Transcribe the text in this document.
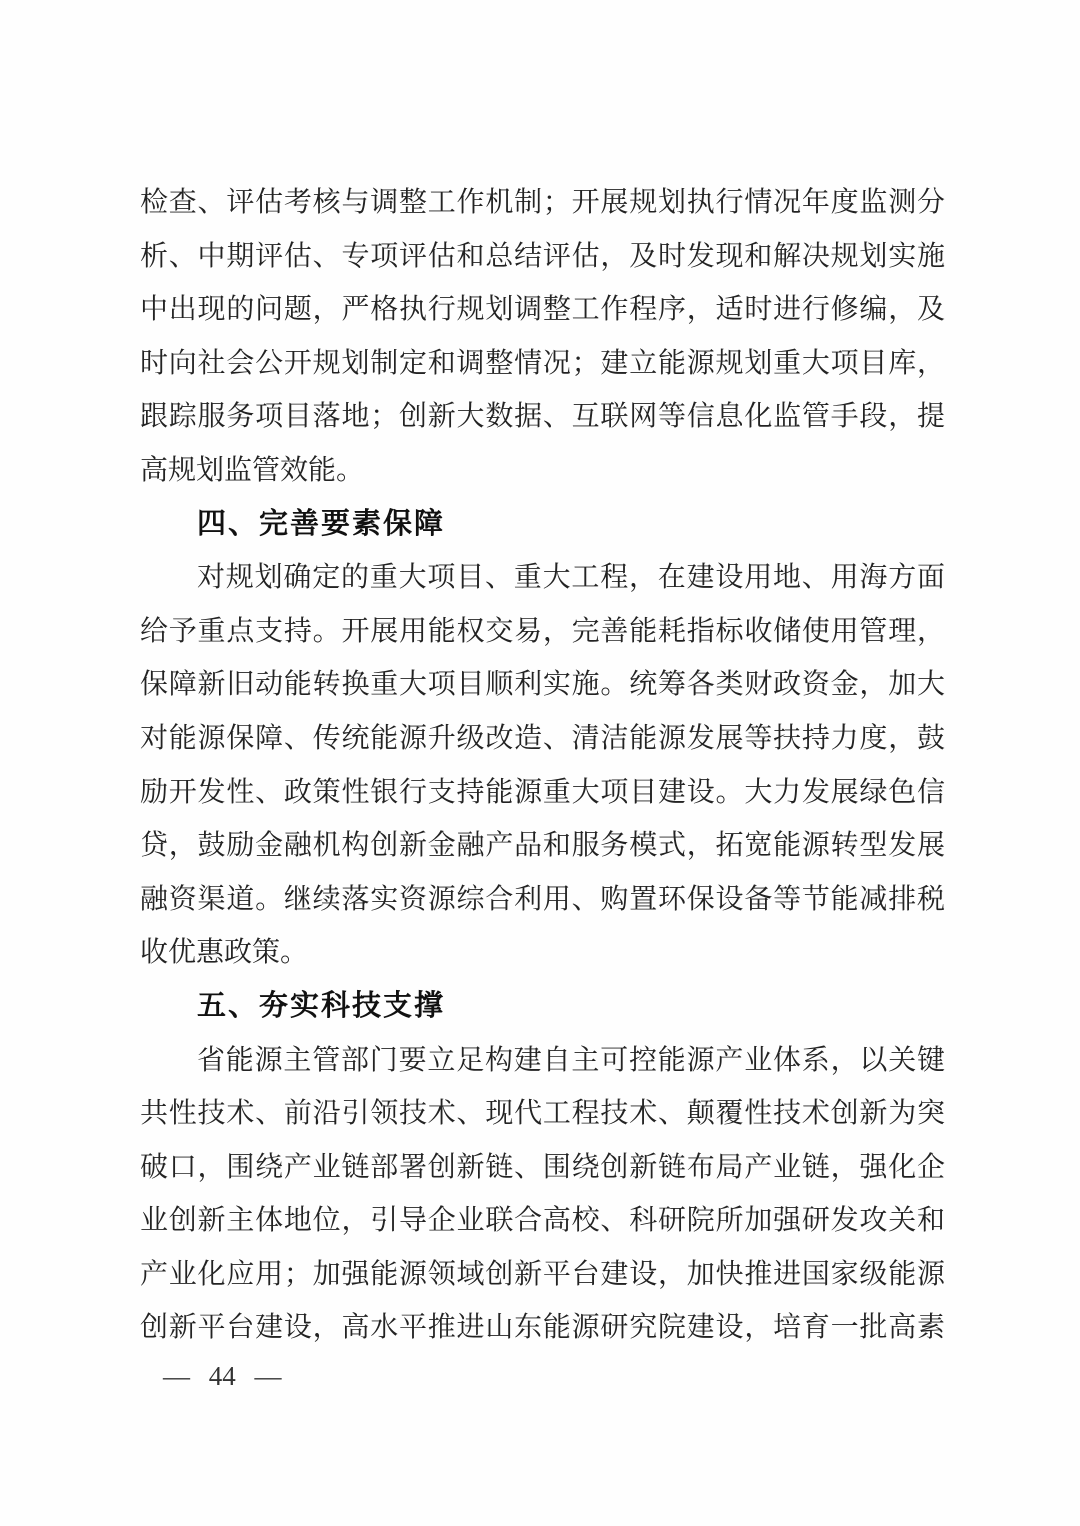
检查、评估考核与调整工作机制；开展规划执行情况年度监测分
析、中期评估、专项评估和总结评估，及时发现和解决规划实施
中出现的问题，严格执行规划调整工作程序，适时进行修编，及
时向社会公开规划制定和调整情况；建立能源规划重大项目库，
跟踪服务项目落地；创新大数据、互联网等信息化监管手段，提
高规划监管效能。
四、完善要素保障
对规划确定的重大项目、重大工程，在建设用地、用海方面
给予重点支持。开展用能权交易，完善能耗指标收储使用管理，
保障新旧动能转换重大项目顺利实施。统筹各类财政资金，加大
对能源保障、传统能源升级改造、清洁能源发展等扶持力度，鼓
励开发性、政策性银行支持能源重大项目建设。大力发展绿色信
贷，鼓励金融机构创新金融产品和服务模式，拓宽能源转型发展
融资渠道。继续落实资源综合利用、购置环保设备等节能减排税
收优惠政策。
五、夯实科技支撑
省能源主管部门要立足构建自主可控能源产业体系，以关键
共性技术、前沿引领技术、现代工程技术、颠覆性技术创新为突
破口，围绕产业链部署创新链、围绕创新链布局产业链，强化企
业创新主体地位，引导企业联合高校、科研院所加强研发攻关和
产业化应用；加强能源领域创新平台建设，加快推进国家级能源
创新平台建设，高水平推进山东能源研究院建设，培育一批高素
— 44 —
